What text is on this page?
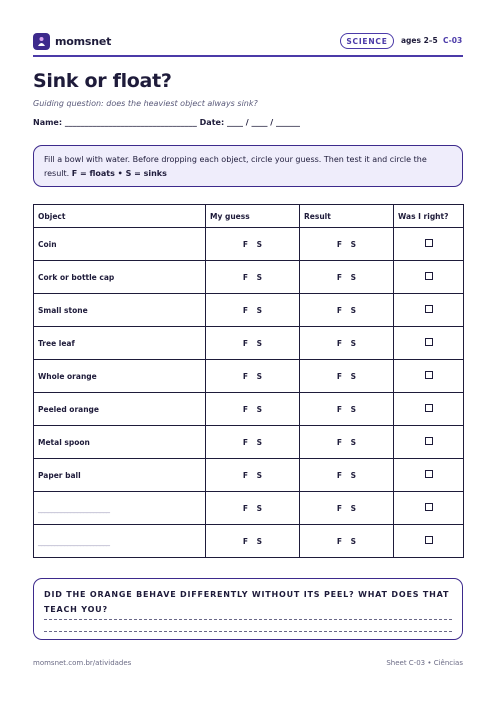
momsnet	SCIENCE	ages 2–5 C-03
Sink or float?
Guiding question: does the heaviest object always sink?
Name: _________________________________ Date: ____ / ____ / ______
Fill a bowl with water. Before dropping each object, circle your guess. Then test it and circle the result. F = floats • S = sinks
Object	My guess	Result	Was I right?
Coin	F S	F S	
Cork or bottle cap	F S	F S	
Small stone	F S	F S	
Tree leaf	F S	F S	
Whole orange	F S	F S	
Peeled orange	F S	F S	
Metal spoon	F S	F S	
Paper ball	F S	F S	
______________________	F S	F S	
______________________	F S	F S	
DID THE ORANGE BEHAVE DIFFERENTLY WITHOUT ITS PEEL? WHAT DOES THAT TEACH YOU?
momsnet.com.br/atividades	Sheet C-03 • Ciências
